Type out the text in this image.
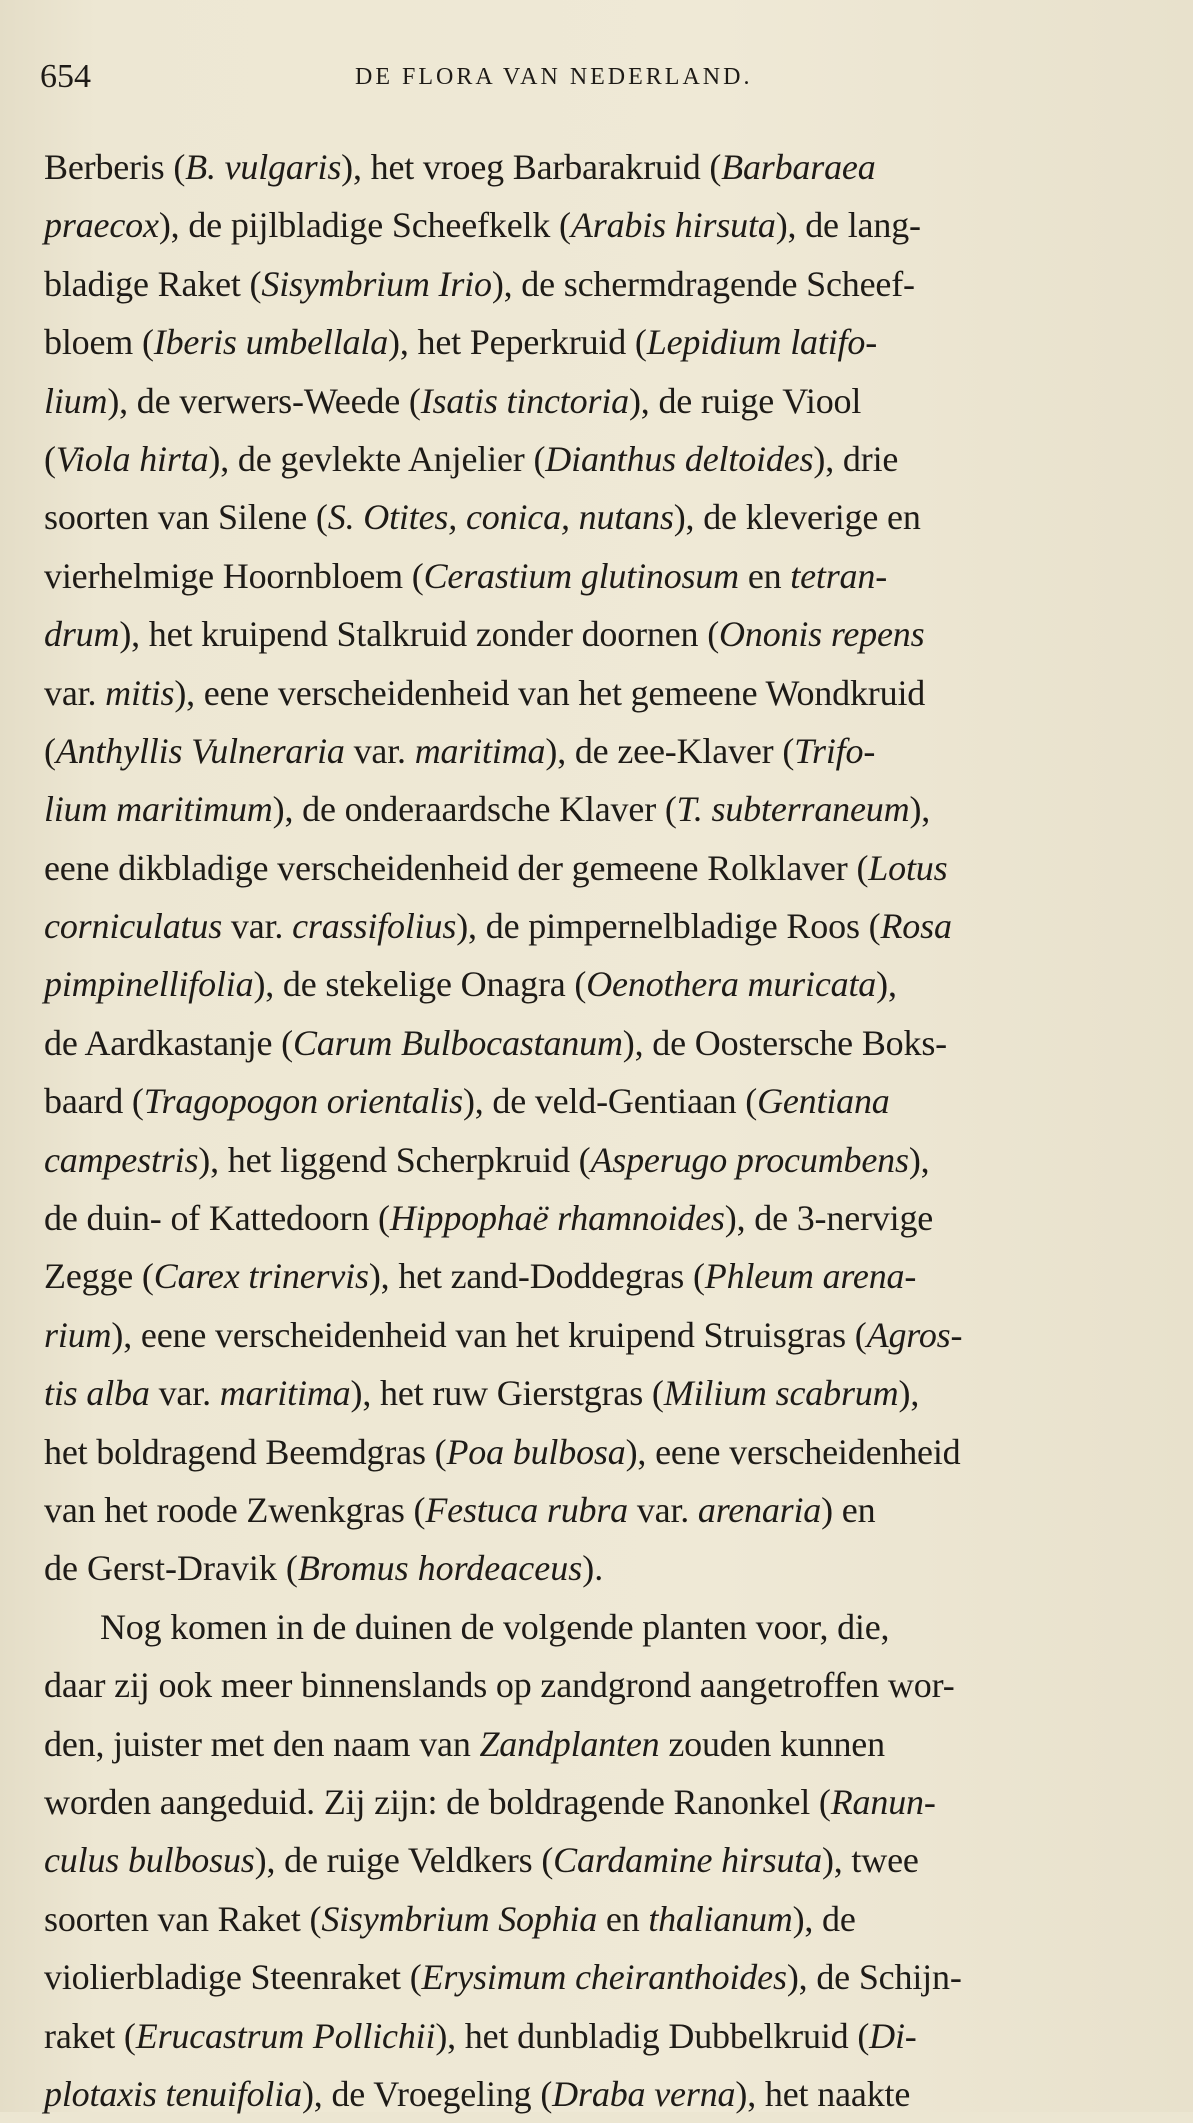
654	DE FLORA VAN NEDERLAND.
Berberis (B. vulgaris), het vroeg Barbarakruid (Barbaraea
praecox), de pijlbladige Scheefkelk (Arabis hirsuta), de lang-
bladige Raket (Sisymbrium Irio), de schermdragende Scheef-
bloem (Iberis umbellala), het Peperkruid (Lepidium latifo-
lium), de verwers-Weede (Isatis tinctoria), de ruige Viool
(Viola hirta), de gevlekte Anjelier (Dianthus deltoides), drie
soorten van Silene (S. Otites, conica, nutans), de kleverige en
vierhelmige Hoornbloem (Cerastium glutinosum en tetran-
drum), het kruipend Stalkruid zonder doornen (Ononis repens
var. mitis), eene verscheidenheid van het gemeene Wondkruid
(Anthyllis Vulneraria var. maritima), de zee-Klaver (Trifo-
lium maritimum), de onderaardsche Klaver (T. subterraneum),
eene dikbladige verscheidenheid der gemeene Rolklaver (Lotus
corniculatus var. crassifolius), de pimpernelbladige Roos (Rosa
pimpinellifolia), de stekelige Onagra (Oenothera muricata),
de Aardkastanje (Carum Bulbocastanum), de Oostersche Boks-
baard (Tragopogon orientalis), de veld-Gentiaan (Gentiana
campestris), het liggend Scherpkruid (Asperugo procumbens),
de duin- of Kattedoorn (Hippophaë rhamnoides), de 3-nervige
Zegge (Carex trinervis), het zand-Doddegras (Phleum arena-
rium), eene verscheidenheid van het kruipend Struisgras (Agros-
tis alba var. maritima), het ruw Gierstgras (Milium scabrum),
het boldragend Beemdgras (Poa bulbosa), eene verscheidenheid
van het roode Zwenkgras (Festuca rubra var. arenaria) en
de Gerst-Dravik (Bromus hordeaceus).
Nog komen in de duinen de volgende planten voor, die,
daar zij ook meer binnenslands op zandgrond aangetroffen wor-
den, juister met den naam van Zandplanten zouden kunnen
worden aangeduid. Zij zijn: de boldragende Ranonkel (Ranun-
culus bulbosus), de ruige Veldkers (Cardamine hirsuta), twee
soorten van Raket (Sisymbrium Sophia en thalianum), de
violierbladige Steenraket (Erysimum cheiranthoides), de Schijn-
raket (Erucastrum Pollichii), het dunbladig Dubbelkruid (Di-
plotaxis tenuifolia), de Vroegeling (Draba verna), het naakte
